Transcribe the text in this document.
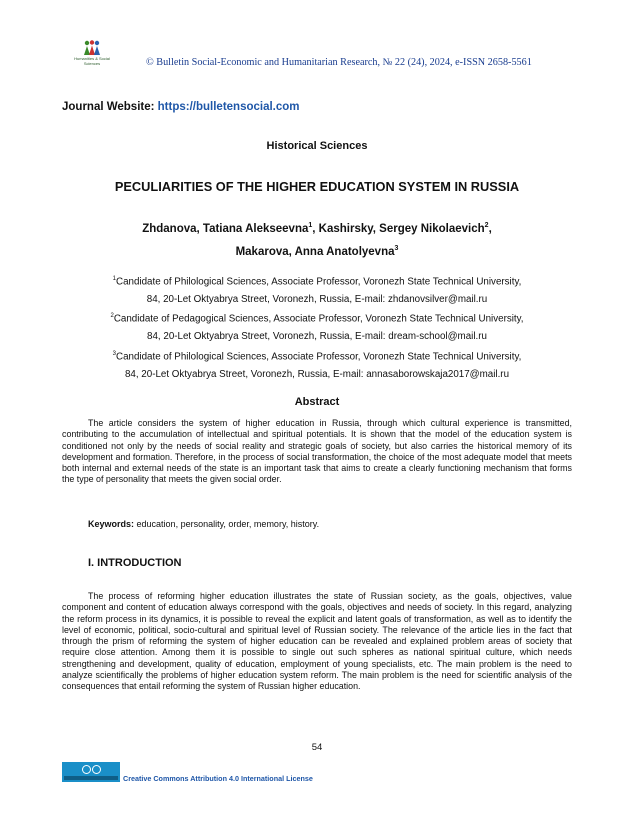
Humanities & Social
Sciences	© Bulletin Social-Economic and Humanitarian Research, № 22 (24), 2024, e-ISSN 2658-5561
Journal Website: https://bulletensocial.com
Historical Sciences
PECULIARITIES OF THE HIGHER EDUCATION SYSTEM IN RUSSIA
Zhdanova, Tatiana Alekseevna$^1$, Kashirsky, Sergey Nikolaevich$^2$,
Makarova, Anna Anatolyevna$^3$
$^1$Candidate of Philological Sciences, Associate Professor, Voronezh State Technical University,
84, 20-Let Oktyabrya Street, Voronezh, Russia, E-mail: zhdanovsilver@mail.ru
$^2$Candidate of Pedagogical Sciences, Associate Professor, Voronezh State Technical University,
84, 20-Let Oktyabrya Street, Voronezh, Russia, E-mail: dream-school@mail.ru
$^3$Candidate of Philological Sciences, Associate Professor, Voronezh State Technical University,
84, 20-Let Oktyabrya Street, Voronezh, Russia, E-mail: annasaborowskaja2017@mail.ru
Abstract

The article considers the system of higher education in Russia, through which cultural experience is transmitted, contributing to the accumulation of intellectual and spiritual potentials. It is shown that the model of the education system is conditioned not only by the needs of social reality and strategic goals of society, but also carries the historical memory of its development and formation. Therefore, in the process of social transformation, the choice of the most adequate model that meets both internal and external needs of the state is an important task that aims to create a clearly functioning mechanism that forms the type of personality that meets the given social order.

Keywords: education, personality, order, memory, history.
I. INTRODUCTION

The process of reforming higher education illustrates the state of Russian society, as the goals, objectives, value component and content of education always correspond with the goals, objectives and needs of society. In this regard, analyzing the reform process in its dynamics, it is possible to reveal the explicit and latent goals of transformation, as well as to identify the level of economic, political, socio-cultural and spiritual level of Russian society. The relevance of the article lies in the fact that through the prism of reforming the system of higher education can be revealed and explained problem areas of society that require close attention. Among them it is possible to single out such spheres as national spiritual culture, which needs strengthening and development, quality of education, employment of young specialists, etc. The main problem is the need to analyze scientifically the problems of higher education system reform. The main problem is the need for scientific analysis of the consequences that entail reforming the system of Russian higher education.

54
Creative Commons Attribution 4.0 International License
